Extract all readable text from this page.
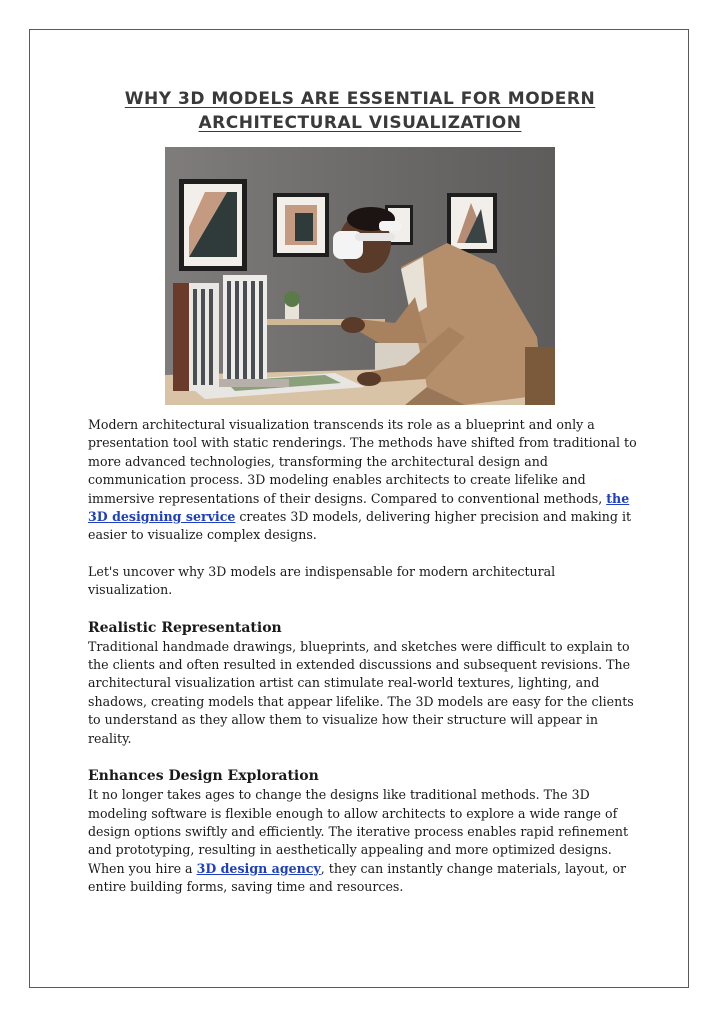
WHY 3D MODELS ARE ESSENTIAL FOR MODERN ARCHITECTURAL VISUALIZATION

Modern architectural visualization transcends its role as a blueprint and only a presentation tool with static renderings. The methods have shifted from traditional to more advanced technologies, transforming the architectural design and communication process. 3D modeling enables architects to create lifelike and immersive representations of their designs. Compared to conventional methods, the 3D designing service creates 3D models, delivering higher precision and making it easier to visualize complex designs.

Let's uncover why 3D models are indispensable for modern architectural visualization.

Realistic Representation

Traditional handmade drawings, blueprints, and sketches were difficult to explain to the clients and often resulted in extended discussions and subsequent revisions. The architectural visualization artist can stimulate real-world textures, lighting, and shadows, creating models that appear lifelike. The 3D models are easy for the clients to understand as they allow them to visualize how their structure will appear in reality.

Enhances Design Exploration

It no longer takes ages to change the designs like traditional methods. The 3D modeling software is flexible enough to allow architects to explore a wide range of design options swiftly and efficiently. The iterative process enables rapid refinement and prototyping, resulting in aesthetically appealing and more optimized designs. When you hire a 3D design agency, they can instantly change materials, layout, or entire building forms, saving time and resources.
